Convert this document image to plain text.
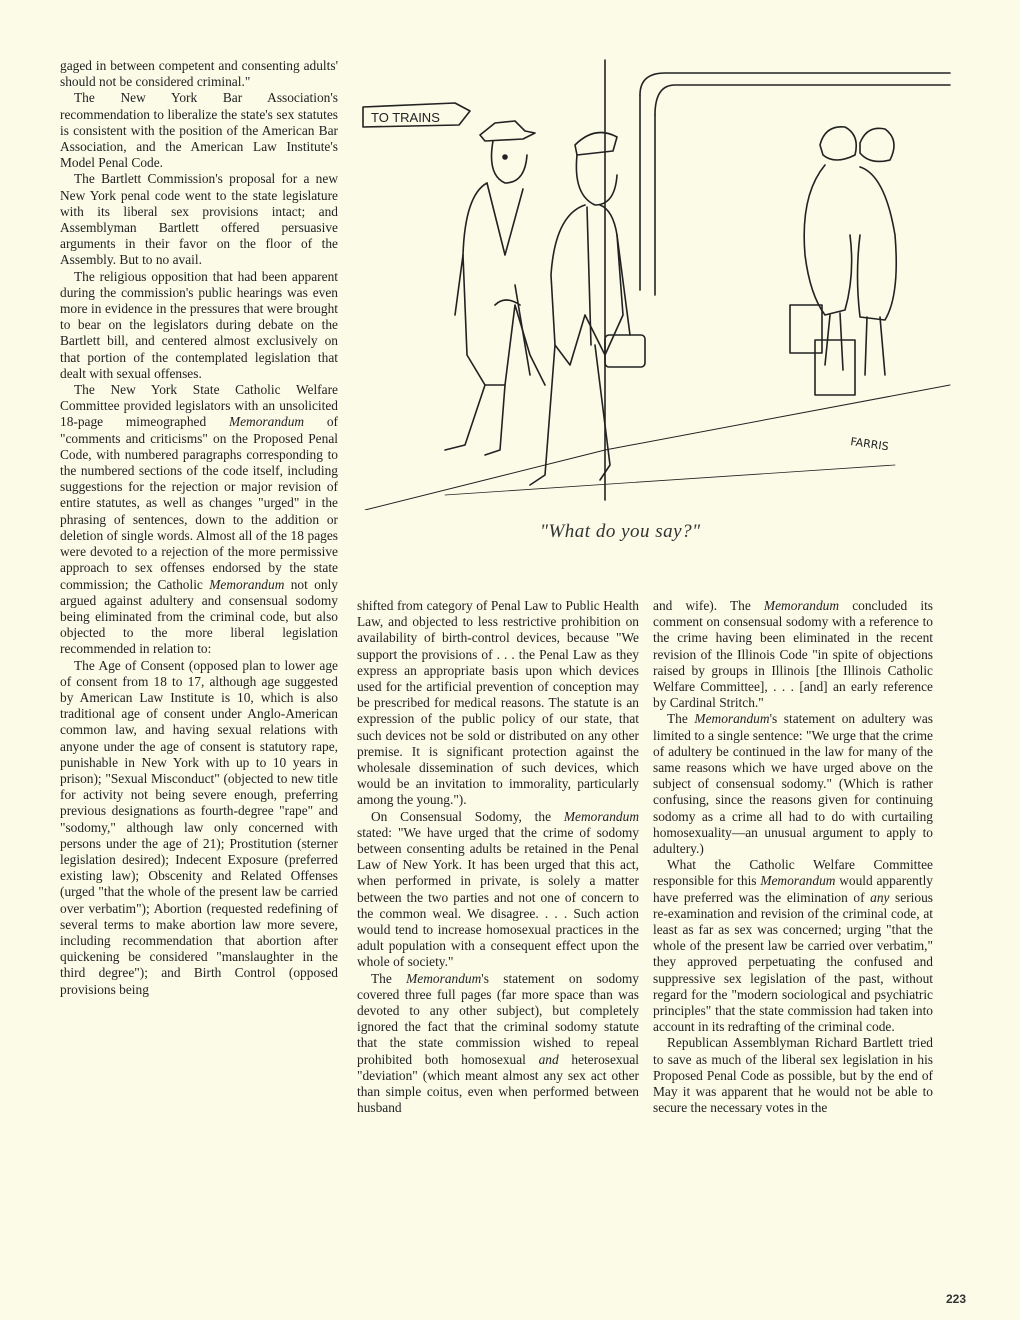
gaged in between competent and consenting adults' should not be considered criminal."

The New York Bar Association's recommendation to liberalize the state's sex statutes is consistent with the position of the American Bar Association, and the American Law Institute's Model Penal Code.

The Bartlett Commission's proposal for a new New York penal code went to the state legislature with its liberal sex provisions intact; and Assemblyman Bartlett offered persuasive arguments in their favor on the floor of the Assembly. But to no avail.

The religious opposition that had been apparent during the commission's public hearings was even more in evidence in the pressures that were brought to bear on the legislators during debate on the Bartlett bill, and centered almost exclusively on that portion of the contemplated legislation that dealt with sexual offenses.

The New York State Catholic Welfare Committee provided legislators with an unsolicited 18-page mimeographed Memorandum of "comments and criticisms" on the Proposed Penal Code, with numbered paragraphs corresponding to the numbered sections of the code itself, including suggestions for the rejection or major revision of entire statutes, as well as changes "urged" in the phrasing of sentences, down to the addition or deletion of single words. Almost all of the 18 pages were devoted to a rejection of the more permissive approach to sex offenses endorsed by the state commission; the Catholic Memorandum not only argued against adultery and consensual sodomy being eliminated from the criminal code, but also objected to the more liberal legislation recommended in relation to:

The Age of Consent (opposed plan to lower age of consent from 18 to 17, although age suggested by American Law Institute is 10, which is also traditional age of consent under Anglo-American common law, and having sexual relations with anyone under the age of consent is statutory rape, punishable in New York with up to 10 years in prison); "Sexual Misconduct" (objected to new title for activity not being severe enough, preferring previous designations as fourth-degree "rape" and "sodomy," although law only concerned with persons under the age of 21); Prostitution (sterner legislation desired); Indecent Exposure (preferred existing law); Obscenity and Related Offenses (urged "that the whole of the present law be carried over verbatim"); Abortion (requested redefining of several terms to make abortion law more severe, including recommendation that abortion after quickening be considered "manslaughter in the third degree"); and Birth Control (opposed provisions being

TO TRAINS
FARRIS
"What do you say?"

shifted from category of Penal Law to Public Health Law, and objected to less restrictive prohibition on availability of birth-control devices, because "We support the provisions of . . . the Penal Law as they express an appropriate basis upon which devices used for the artificial prevention of conception may be prescribed for medical reasons. The statute is an expression of the public policy of our state, that such devices not be sold or distributed on any other premise. It is significant protection against the wholesale dissemination of such devices, which would be an invitation to immorality, particularly among the young.").

On Consensual Sodomy, the Memorandum stated: "We have urged that the crime of sodomy between consenting adults be retained in the Penal Law of New York. It has been urged that this act, when performed in private, is solely a matter between the two parties and not one of concern to the common weal. We disagree. . . . Such action would tend to increase homosexual practices in the adult population with a consequent effect upon the whole of society."

The Memorandum's statement on sodomy covered three full pages (far more space than was devoted to any other subject), but completely ignored the fact that the criminal sodomy statute that the state commission wished to repeal prohibited both homosexual and heterosexual "deviation" (which meant almost any sex act other than simple coitus, even when performed between husband

and wife). The Memorandum concluded its comment on consensual sodomy with a reference to the crime having been eliminated in the recent revision of the Illinois Code "in spite of objections raised by groups in Illinois [the Illinois Catholic Welfare Committee], . . . [and] an early reference by Cardinal Stritch."

The Memorandum's statement on adultery was limited to a single sentence: "We urge that the crime of adultery be continued in the law for many of the same reasons which we have urged above on the subject of consensual sodomy." (Which is rather confusing, since the reasons given for continuing sodomy as a crime all had to do with curtailing homosexuality—an unusual argument to apply to adultery.)

What the Catholic Welfare Committee responsible for this Memorandum would apparently have preferred was the elimination of any serious re-examination and revision of the criminal code, at least as far as sex was concerned; urging "that the whole of the present law be carried over verbatim," they approved perpetuating the confused and suppressive sex legislation of the past, without regard for the "modern sociological and psychiatric principles" that the state commission had taken into account in its redrafting of the criminal code.

Republican Assemblyman Richard Bartlett tried to save as much of the liberal sex legislation in his Proposed Penal Code as possible, but by the end of May it was apparent that he would not be able to secure the necessary votes in the

223
